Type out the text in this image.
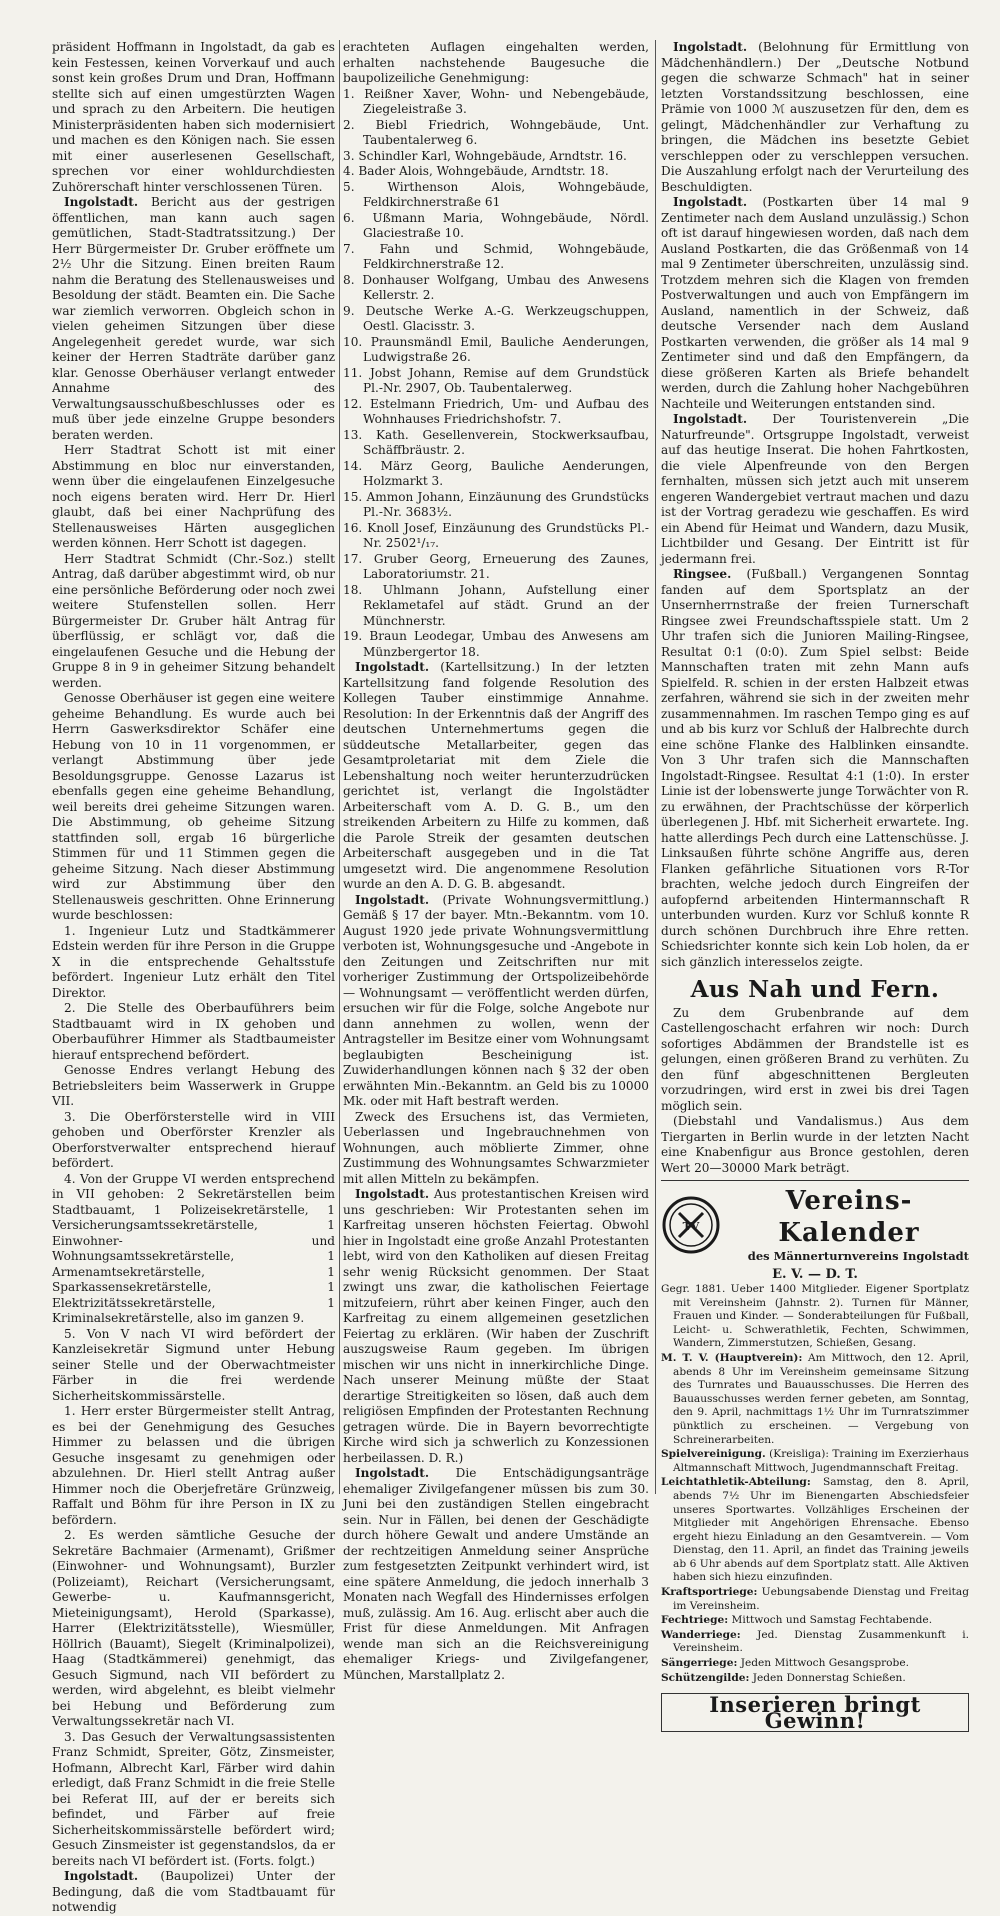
präsident Hoffmann in Ingolstadt, da gab es kein Festessen, keinen Vorverkauf und auch sonst kein großes Drum und Dran, Hoffmann stellte sich auf einen umgestürzten Wagen und sprach zu den Arbeitern. Die heutigen Ministerpräsidenten haben sich modernisiert und machen es den Königen nach. Sie essen mit einer auserlesenen Gesellschaft, sprechen vor einer wohldurchdiesten Zuhörerschaft hinter verschlossenen Türen.

Ingolstadt. Bericht aus der gestrigen öffentlichen, man kann auch sagen gemütlichen, Stadt-Stadtratssitzung.) Der Herr Bürgermeister Dr. Gruber eröffnete um 2½ Uhr die Sitzung. Einen breiten Raum nahm die Beratung des Stellenausweises und Besoldung der städt. Beamten ein. Die Sache war ziemlich verworren. Obgleich schon in vielen geheimen Sitzungen über diese Angelegenheit geredet wurde, war sich keiner der Herren Stadträte darüber ganz klar. Genosse Oberhäuser verlangt entweder Annahme des Verwaltungsausschußbeschlusses oder es muß über jede einzelne Gruppe besonders beraten werden.

Herr Stadtrat Schott ist mit einer Abstimmung en bloc nur einverstanden, wenn über die eingelaufenen Einzelgesuche noch eigens beraten wird. Herr Dr. Hierl glaubt, daß bei einer Nachprüfung des Stellenausweises Härten ausgeglichen werden können. Herr Schott ist dagegen.

Herr Stadtrat Schmidt (Chr.-Soz.) stellt Antrag, daß darüber abgestimmt wird, ob nur eine persönliche Beförderung oder noch zwei weitere Stufenstellen sollen. Herr Bürgermeister Dr. Gruber hält Antrag für überflüssig, er schlägt vor, daß die eingelaufenen Gesuche und die Hebung der Gruppe 8 in 9 in geheimer Sitzung behandelt werden.

Genosse Oberhäuser ist gegen eine weitere geheime Behandlung. Es wurde auch bei Herrn Gaswerksdirektor Schäfer eine Hebung von 10 in 11 vorgenommen, er verlangt Abstimmung über jede Besoldungsgruppe. Genosse Lazarus ist ebenfalls gegen eine geheime Behandlung, weil bereits drei geheime Sitzungen waren. Die Abstimmung, ob geheime Sitzung stattfinden soll, ergab 16 bürgerliche Stimmen für und 11 Stimmen gegen die geheime Sitzung. Nach dieser Abstimmung wird zur Abstimmung über den Stellenausweis geschritten. Ohne Erinnerung wurde beschlossen:

1. Ingenieur Lutz und Stadtkämmerer Edstein werden für ihre Person in die Gruppe X in die entsprechende Gehaltsstufe befördert. Ingenieur Lutz erhält den Titel Direktor.

2. Die Stelle des Oberbauführers beim Stadtbauamt wird in IX gehoben und Oberbauführer Himmer als Stadtbaumeister hierauf entsprechend befördert.

Genosse Endres verlangt Hebung des Betriebsleiters beim Wasserwerk in Gruppe VII.

3. Die Oberförsterstelle wird in VIII gehoben und Oberförster Krenzler als Oberforstverwalter entsprechend hierauf befördert.

4. Von der Gruppe VI werden entsprechend in VII gehoben: 2 Sekretärstellen beim Stadtbauamt, 1 Polizeisekretärstelle, 1 Versicherungsamtssekretärstelle, 1 Einwohner- und Wohnungsamtssekretärstelle, 1 Armenamtsekretärstelle, 1 Sparkassensekretärstelle, 1 Elektrizitätssekretärstelle, 1 Kriminalsekretärstelle, also im ganzen 9.

5. Von V nach VI wird befördert der Kanzleisekretär Sigmund unter Hebung seiner Stelle und der Oberwachtmeister Färber in die frei werdende Sicherheitskommissärstelle.

1. Herr erster Bürgermeister stellt Antrag, es bei der Genehmigung des Gesuches Himmer zu belassen und die übrigen Gesuche insgesamt zu genehmigen oder abzulehnen. Dr. Hierl stellt Antrag außer Himmer noch die Oberjefretäre Grünzweig, Raffalt und Böhm für ihre Person in IX zu befördern.

2. Es werden sämtliche Gesuche der Sekretäre Bachmaier (Armenamt), Grißmer (Einwohner- und Wohnungsamt), Burzler (Polizeiamt), Reichart (Versicherungsamt, Gewerbe- u. Kaufmannsgericht, Mieteinigungsamt), Herold (Sparkasse), Harrer (Elektrizitätsstelle), Wiesmüller, Höllrich (Bauamt), Siegelt (Kriminalpolizei), Haag (Stadtkämmerei) genehmigt, das Gesuch Sigmund, nach VII befördert zu werden, wird abgelehnt, es bleibt vielmehr bei Hebung und Beförderung zum Verwaltungssekretär nach VI.

3. Das Gesuch der Verwaltungsassistenten Franz Schmidt, Spreiter, Götz, Zinsmeister, Hofmann, Albrecht Karl, Färber wird dahin erledigt, daß Franz Schmidt in die freie Stelle bei Referat III, auf der er bereits sich befindet, und Färber auf freie Sicherheitskommissärstelle befördert wird; Gesuch Zinsmeister ist gegenstandslos, da er bereits nach VI befördert ist. (Forts. folgt.)

Ingolstadt. (Baupolizei) Unter der Bedingung, daß die vom Stadtbauamt für notwendig

erachteten Auflagen eingehalten werden, erhalten nachstehende Baugesuche die baupolizeiliche Genehmigung:

1. Reißner Xaver, Wohn- und Nebengebäude, Ziegeleistraße 3.
2. Biebl Friedrich, Wohngebäude, Unt. Taubentalerweg 6.
3. Schindler Karl, Wohngebäude, Arndtstr. 16.
4. Bader Alois, Wohngebäude, Arndtstr. 18.
5. Wirthenson Alois, Wohngebäude, Feldkirchnerstraße 61
6. Ußmann Maria, Wohngebäude, Nördl. Glaciestraße 10.
7. Fahn und Schmid, Wohngebäude, Feldkirchnerstraße 12.
8. Donhauser Wolfgang, Umbau des Anwesens Kellerstr. 2.
9. Deutsche Werke A.-G. Werkzeugschuppen, Oestl. Glacisstr. 3.
10. Praunsmändl Emil, Bauliche Aenderungen, Ludwigstraße 26.
11. Jobst Johann, Remise auf dem Grundstück Pl.-Nr. 2907, Ob. Taubentalerweg.
12. Estelmann Friedrich, Um- und Aufbau des Wohnhauses Friedrichshofstr. 7.
13. Kath. Gesellenverein, Stockwerksaufbau, Schäffbräustr. 2.
14. März Georg, Bauliche Aenderungen, Holzmarkt 3.
15. Ammon Johann, Einzäunung des Grundstücks Pl.-Nr. 3683½.
16. Knoll Josef, Einzäunung des Grundstücks Pl.-Nr. 2502¹/₁₇.
17. Gruber Georg, Erneuerung des Zaunes, Laboratoriumstr. 21.
18. Uhlmann Johann, Aufstellung einer Reklametafel auf städt. Grund an der Münchnerstr.
19. Braun Leodegar, Umbau des Anwesens am Münzbergertor 18.

Ingolstadt. (Kartellsitzung.) In der letzten Kartellsitzung fand folgende Resolution des Kollegen Tauber einstimmige Annahme. Resolution: In der Erkenntnis daß der Angriff des deutschen Unternehmertums gegen die süddeutsche Metallarbeiter, gegen das Gesamtproletariat mit dem Ziele die Lebenshaltung noch weiter herunterzudrücken gerichtet ist, verlangt die Ingolstädter Arbeiterschaft vom A. D. G. B., um den streikenden Arbeitern zu Hilfe zu kommen, daß die Parole Streik der gesamten deutschen Arbeiterschaft ausgegeben und in die Tat umgesetzt wird. Die angenommene Resolution wurde an den A. D. G. B. abgesandt.

Ingolstadt. (Private Wohnungsvermittlung.) Gemäß § 17 der bayer. Mtn.-Bekanntm. vom 10. August 1920 jede private Wohnungsvermittlung verboten ist, Wohnungsgesuche und -Angebote in den Zeitungen und Zeitschriften nur mit vorheriger Zustimmung der Ortspolizeibehörde — Wohnungsamt — veröffentlicht werden dürfen, ersuchen wir für die Folge, solche Angebote nur dann annehmen zu wollen, wenn der Antragsteller im Besitze einer vom Wohnungsamt beglaubigten Bescheinigung ist. Zuwiderhandlungen können nach § 32 der oben erwähnten Min.-Bekanntm. an Geld bis zu 10000 Mk. oder mit Haft bestraft werden.

Zweck des Ersuchens ist, das Vermieten, Ueberlassen und Ingebrauchnehmen von Wohnungen, auch möblierte Zimmer, ohne Zustimmung des Wohnungsamtes Schwarzmieter mit allen Mitteln zu bekämpfen.

Ingolstadt. Aus protestantischen Kreisen wird uns geschrieben: Wir Protestanten sehen im Karfreitag unseren höchsten Feiertag. Obwohl hier in Ingolstadt eine große Anzahl Protestanten lebt, wird von den Katholiken auf diesen Freitag sehr wenig Rücksicht genommen. Der Staat zwingt uns zwar, die katholischen Feiertage mitzufeiern, rührt aber keinen Finger, auch den Karfreitag zu einem allgemeinen gesetzlichen Feiertag zu erklären. (Wir haben der Zuschrift auszugsweise Raum gegeben. Im übrigen mischen wir uns nicht in innerkirchliche Dinge. Nach unserer Meinung müßte der Staat derartige Streitigkeiten so lösen, daß auch dem religiösen Empfinden der Protestanten Rechnung getragen würde. Die in Bayern bevorrechtigte Kirche wird sich ja schwerlich zu Konzessionen herbeilassen. D. R.)

Ingolstadt. Die Entschädigungsanträge ehemaliger Zivilgefangener müssen bis zum 30. Juni bei den zuständigen Stellen eingebracht sein. Nur in Fällen, bei denen der Geschädigte durch höhere Gewalt und andere Umstände an der rechtzeitigen Anmeldung seiner Ansprüche zum festgesetzten Zeitpunkt verhindert wird, ist eine spätere Anmeldung, die jedoch innerhalb 3 Monaten nach Wegfall des Hindernisses erfolgen muß, zulässig. Am 16. Aug. erlischt aber auch die Frist für diese Anmeldungen. Mit Anfragen wende man sich an die Reichsvereinigung ehemaliger Kriegs- und Zivilgefangener, München, Marstallplatz 2.

Ingolstadt. (Belohnung für Ermittlung von Mädchenhändlern.) Der „Deutsche Notbund gegen die schwarze Schmach" hat in seiner letzten Vorstandssitzung beschlossen, eine Prämie von 1000 ℳ auszusetzen für den, dem es gelingt, Mädchenhändler zur Verhaftung zu bringen, die Mädchen ins besetzte Gebiet verschleppen oder zu verschleppen versuchen. Die Auszahlung erfolgt nach der Verurteilung des Beschuldigten.

Ingolstadt. (Postkarten über 14 mal 9 Zentimeter nach dem Ausland unzulässig.) Schon oft ist darauf hingewiesen worden, daß nach dem Ausland Postkarten, die das Größenmaß von 14 mal 9 Zentimeter überschreiten, unzulässig sind. Trotzdem mehren sich die Klagen von fremden Postverwaltungen und auch von Empfängern im Ausland, namentlich in der Schweiz, daß deutsche Versender nach dem Ausland Postkarten verwenden, die größer als 14 mal 9 Zentimeter sind und daß den Empfängern, da diese größeren Karten als Briefe behandelt werden, durch die Zahlung hoher Nachgebühren Nachteile und Weiterungen entstanden sind.

Ingolstadt. Der Touristenverein „Die Naturfreunde". Ortsgruppe Ingolstadt, verweist auf das heutige Inserat. Die hohen Fahrtkosten, die viele Alpenfreunde von den Bergen fernhalten, müssen sich jetzt auch mit unserem engeren Wandergebiet vertraut machen und dazu ist der Vortrag geradezu wie geschaffen. Es wird ein Abend für Heimat und Wandern, dazu Musik, Lichtbilder und Gesang. Der Eintritt ist für jedermann frei.

Ringsee. (Fußball.) Vergangenen Sonntag fanden auf dem Sportsplatz an der Unsernherrnstraße der freien Turnerschaft Ringsee zwei Freundschaftsspiele statt. Um 2 Uhr trafen sich die Junioren Mailing-Ringsee, Resultat 0:1 (0:0). Zum Spiel selbst: Beide Mannschaften traten mit zehn Mann aufs Spielfeld. R. schien in der ersten Halbzeit etwas zerfahren, während sie sich in der zweiten mehr zusammennahmen. Im raschen Tempo ging es auf und ab bis kurz vor Schluß der Halbrechte durch eine schöne Flanke des Halblinken einsandte. Von 3 Uhr trafen sich die Mannschaften Ingolstadt-Ringsee. Resultat 4:1 (1:0). In erster Linie ist der lobenswerte junge Torwächter von R. zu erwähnen, der Prachtschüsse der körperlich überlegenen J. Hbf. mit Sicherheit erwartete. Ing. hatte allerdings Pech durch eine Lattenschüsse. J. Linksaußen führte schöne Angriffe aus, deren Flanken gefährliche Situationen vors R-Tor brachten, welche jedoch durch Eingreifen der aufopfernd arbeitenden Hintermannschaft R unterbunden wurden. Kurz vor Schluß konnte R durch schönen Durchbruch ihre Ehre retten. Schiedsrichter konnte sich kein Lob holen, da er sich gänzlich interesselos zeigte.

Aus Nah und Fern.

Zu dem Grubenbrande auf dem Castellengoschacht erfahren wir noch: Durch sofortiges Abdämmen der Brandstelle ist es gelungen, einen größeren Brand zu verhüten. Zu den fünf abgeschnittenen Bergleuten vorzudringen, wird erst in zwei bis drei Tagen möglich sein.

(Diebstahl und Vandalismus.) Aus dem Tiergarten in Berlin wurde in der letzten Nacht eine Knabenfigur aus Bronce gestohlen, deren Wert 20—30000 Mark beträgt.

TV
Vereins-Kalender
des Männerturnvereins Ingolstadt
E. V. — D. T.

Gegr. 1881. Ueber 1400 Mitglieder. Eigener Sportplatz mit Vereinsheim (Jahnstr. 2). Turnen für Männer, Frauen und Kinder. — Sonderabteilungen für Fußball, Leicht- u. Schwerathletik, Fechten, Schwimmen, Wandern, Zimmerstutzen, Schießen, Gesang.

M. T. V. (Hauptverein): Am Mittwoch, den 12. April, abends 8 Uhr im Vereinsheim gemeinsame Sitzung des Turnrates und Bauausschusses. Die Herren des Bauausschusses werden ferner gebeten, am Sonntag, den 9. April, nachmittags 1½ Uhr im Turnratszimmer pünktlich zu erscheinen. — Vergebung von Schreinerarbeiten.

Spielvereinigung. (Kreisliga): Training im Exerzierhaus Altmannschaft Mittwoch, Jugendmannschaft Freitag.

Leichtathletik-Abteilung: Samstag, den 8. April, abends 7½ Uhr im Bienengarten Abschiedsfeier unseres Sportwartes. Vollzähliges Erscheinen der Mitglieder mit Angehörigen Ehrensache. Ebenso ergeht hiezu Einladung an den Gesamtverein. — Vom Dienstag, den 11. April, an findet das Training jeweils ab 6 Uhr abends auf dem Sportplatz statt. Alle Aktiven haben sich hiezu einzufinden.

Kraftsportriege: Uebungsabende Dienstag und Freitag im Vereinsheim.

Fechtriege: Mittwoch und Samstag Fechtabende.

Wanderriege: Jed. Dienstag Zusammenkunft i. Vereinsheim.

Sängerriege: Jeden Mittwoch Gesangsprobe.

Schützengilde: Jeden Donnerstag Schießen.

Inserieren bringt Gewinn!
